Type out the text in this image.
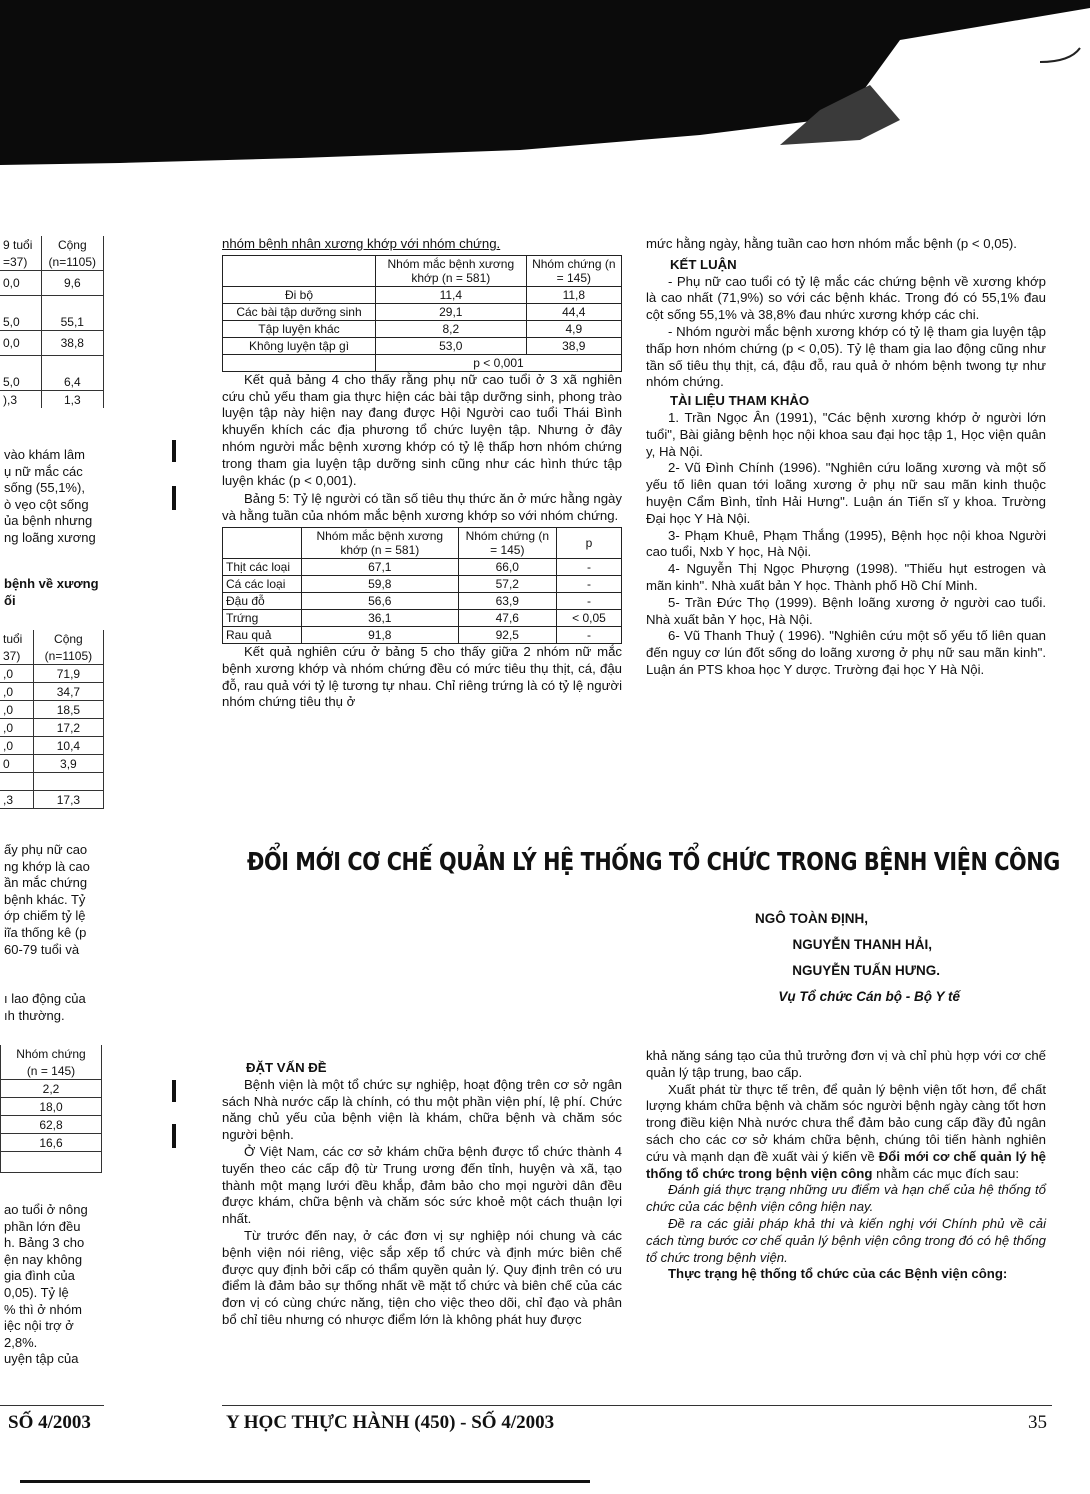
9 tuổi	Cộng
=37)	(n=1105)
0,0	9,6

5,0	55,1
0,0	38,8

5,0	6,4
),3	1,3
vào khám lâm
ụ nữ mắc các
sống (55,1%),
ò vẹo cột sống
ủa bệnh nhưng
ng loãng xương
bệnh về xương
ối
tuổi	Cộng
37)	(n=1105)
,0	71,9
,0	34,7
,0	18,5
,0	17,2
,0	10,4
0	3,9

,3	17,3
ấy phụ nữ cao
ng khớp là cao
ần mắc chứng
bệnh khác. Tỷ
ớp chiếm tỷ lệ
iĩa thống kê (p
60-79 tuổi và
ı lao động của
ıh thường.
Nhóm chứng
(n = 145)
2,2
18,0
62,8
16,6

ao tuổi ở nông
phần lớn đều
h. Bảng 3 cho
ện nay không
gia đình của
0,05). Tỷ lệ
% thì ở nhóm
iệc nội trợ ở
2,8%.
uyện tập của

nhóm bệnh nhân xương khớp với nhóm chứng.

	Nhóm mắc bệnh xương khớp (n = 581)	Nhóm chứng (n = 145)
Đi bộ	11,4	11,8
Các bài tập dưỡng sinh	29,1	44,4
Tập luyện khác	8,2	4,9
Không luyện tập gì	53,0	38,9
	p < 0,001	

Kết quả bảng 4 cho thấy rằng phụ nữ cao tuổi ở 3 xã nghiên cứu chủ yếu tham gia thực hiện các bài tập dưỡng sinh, phong trào luyện tập này hiện nay đang được Hội Người cao tuổi Thái Bình khuyến khích các địa phương tổ chức luyện tập. Nhưng ở đây nhóm người mắc bệnh xương khớp có tỷ lệ thấp hơn nhóm chứng trong tham gia luyện tập dưỡng sinh cũng như các hình thức tập luyện khác (p < 0,001).

Bảng 5: Tỷ lệ người có tần số tiêu thụ thức ăn ở mức hằng ngày và hằng tuần của nhóm mắc bệnh xương khớp so với nhóm chứng.

	Nhóm mắc bệnh xương khớp (n = 581)	Nhóm chứng (n = 145)	p
Thịt các loại	67,1	66,0	-
Cá các loại	59,8	57,2	-
Đậu đỗ	56,6	63,9	-
Trứng	36,1	47,6	< 0,05
Rau quả	91,8	92,5	-

Kết quả nghiên cứu ở bảng 5 cho thấy giữa 2 nhóm nữ mắc bệnh xương khớp và nhóm chứng đều có mức tiêu thụ thịt, cá, đậu đỗ, rau quả với tỷ lệ tương tự nhau. Chỉ riêng trứng là có tỷ lệ người nhóm chứng tiêu thụ ở

mức hằng ngày, hằng tuần cao hơn nhóm mắc bệnh (p < 0,05).

KẾT LUẬN

- Phụ nữ cao tuổi có tỷ lệ mắc các chứng bệnh về xương khớp là cao nhất (71,9%) so với các bệnh khác. Trong đó có 55,1% đau cột sống 55,1% và 38,8% đau nhức xương khớp các chi.

- Nhóm người mắc bệnh xương khớp có tỷ lệ tham gia luyện tập thấp hơn nhóm chứng (p < 0,05). Tỷ lệ tham gia lao động cũng như tần số tiêu thụ thịt, cá, đậu đỗ, rau quả ở nhóm bệnh twong tự như nhóm chứng.

TÀI LIỆU THAM KHẢO

1. Trần Ngọc Ân (1991), "Các bệnh xương khớp ở người lớn tuổi", Bài giảng bệnh học nội khoa sau đại học tập 1, Học viện quân y, Hà Nội.

2- Vũ Đình Chính (1996). "Nghiên cứu loãng xương và một số yếu tố liên quan tới loãng xương ở phụ nữ sau mãn kinh thuộc huyện Cẩm Bình, tỉnh Hải Hưng". Luận án Tiến sĩ y khoa. Trường Đại học Y Hà Nội.

3- Phạm Khuê, Phạm Thắng (1995), Bệnh học nội khoa Người cao tuổi, Nxb Y học, Hà Nội.

4- Nguyễn Thị Ngọc Phượng (1998). "Thiếu hụt estrogen và mãn kinh". Nhà xuất bản Y học. Thành phố Hồ Chí Minh.

5- Trần Đức Thọ (1999). Bệnh loãng xương ở người cao tuổi. Nhà xuất bản Y học, Hà Nội.

6- Vũ Thanh Thuỷ ( 1996). "Nghiên cứu một số yếu tố liên quan đến nguy cơ lún đốt sống do loãng xương ở phụ nữ sau mãn kinh". Luận án PTS khoa học Y dược. Trường đại học Y Hà Nội.

ĐỔI MỚI CƠ CHẾ QUẢN LÝ HỆ THỐNG TỔ CHỨC TRONG BỆNH VIỆN CÔNG
NGÔ TOÀN ĐỊNH,
NGUYỄN THANH HẢI,
NGUYỄN TUẤN HƯNG.
Vụ Tổ chức Cán bộ - Bộ Y tế

ĐẶT VẤN ĐỀ

Bệnh viện là một tổ chức sự nghiệp, hoạt động trên cơ sở ngân sách Nhà nước cấp là chính, có thu một phần viện phí, lệ phí. Chức năng chủ yếu của bệnh viện là khám, chữa bệnh và chăm sóc người bệnh.

Ở Việt Nam, các cơ sở khám chữa bệnh được tổ chức thành 4 tuyến theo các cấp độ từ Trung ương đến tỉnh, huyện và xã, tạo thành một mạng lưới đều khắp, đảm bảo cho mọi người dân đều được khám, chữa bệnh và chăm sóc sức khoẻ một cách thuận lợi nhất.

Từ trước đến nay, ở các đơn vị sự nghiệp nói chung và các bệnh viện nói riêng, việc sắp xếp tổ chức và định mức biên chế được quy định bởi cấp có thẩm quyền quản lý. Quy định trên có ưu điểm là đảm bảo sự thống nhất về mặt tổ chức và biên chế của các đơn vị có cùng chức năng, tiện cho việc theo dõi, chỉ đạo và phân bổ chỉ tiêu nhưng có nhược điểm lớn là không phát huy được

khả năng sáng tạo của thủ trưởng đơn vị và chỉ phù hợp với cơ chế quản lý tập trung, bao cấp.

Xuất phát từ thực tế trên, để quản lý bệnh viện tốt hơn, để chất lượng khám chữa bệnh và chăm sóc người bệnh ngày càng tốt hơn trong điều kiện Nhà nước chưa thể đảm bảo cung cấp đầy đủ ngân sách cho các cơ sở khám chữa bệnh, chúng tôi tiến hành nghiên cứu và mạnh dạn đề xuất vài ý kiến về Đổi mới cơ chế quản lý hệ thống tổ chức trong bệnh viện công nhằm các mục đích sau:

Đánh giá thực trạng những ưu điểm và hạn chế của hệ thống tổ chức của các bệnh viện công hiện nay.

Đề ra các giải pháp khả thi và kiến nghị với Chính phủ về cải cách từng bước cơ chế quản lý bệnh viện công trong đó có hệ thống tổ chức trong bệnh viện.

Thực trạng hệ thống tổ chức của các Bệnh viện công:

SỐ 4/2003	Y HỌC THỰC HÀNH (450) - SỐ 4/2003	35
